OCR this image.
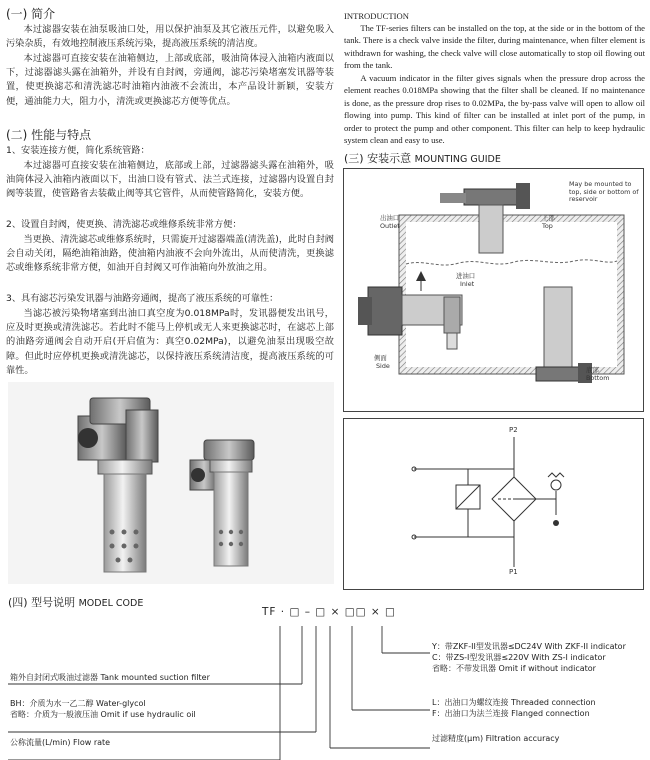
(一) 简介
本过滤器安装在油泵吸油口处，用以保护油泵及其它液压元件，以避免吸入污染杂质，有效地控制液压系统污染，提高液压系统的清洁度。
本过滤器可直接安装在油箱侧边，上部或底部，吸油筒体浸入油箱内液面以下，过滤器滤头露在油箱外，并设有自封阀，旁通阀，滤芯污染堵塞发讯器等装置，使更换滤芯和清洗滤芯时油箱内油液不会流出，本产品设计新颖，安装方便，通油能力大，阻力小，清洗或更换滤芯方便等优点。
(二) 性能与特点
1、安装连接方便，简化系统管路：
本过滤器可直接安装在油箱侧边，底部或上部，过滤器滤头露在油箱外，吸油筒体浸入油箱内液面以下，出油口设有管式、法兰式连接，过滤器内设置自封阀等装置，使管路省去装截止阀等其它管件，从而使管路简化，安装方便。
2、设置自封阀，使更换、清洗滤芯或维修系统非常方便：
当更换、清洗滤芯或维修系统时，只需旋开过滤器端盖(清洗盖)，此时自封阀会自动关闭，隔绝油箱油路，使油箱内油液不会向外流出，从而使清洗，更换滤芯或维修系统非常方便，如油开自封阀又可作油箱向外放油之用。
3、具有滤芯污染发讯器与油路旁通阀，提高了液压系统的可靠性：
当滤芯被污染物堵塞到出油口真空度为0.018MPa时，发讯器便发出讯号，应及时更换或清洗滤芯。若此时不能马上停机或无人来更换滤芯时，在滤芯上部的油路旁通阀会自动开启(开启值为：真空0.02MPa)，以避免油泵出现吸空故障。但此时应停机更换或清洗滤芯，以保持液压系统清洁度，提高液压系统的可靠性。
INTRODUCTION
The TF-series filters can be installed on the top, at the side or in the bottom of the tank. There is a check valve inside the filter, during maintenance, when filter element is withdrawn for washing, the check valve will close automatically to stop oil flowing out from the tank.
A vacuum indicator in the filter gives signals when the pressure drop across the element reaches 0.018MPa showing that the filter shall be cleaned. If no maintenance is done, as the pressure drop rises to 0.02MPa, the by-pass valve will open to allow oil flowing into pump. This kind of filter can be installed at inlet port of the pump, in order to protect the pump and other component. This filter can help to keep hydraulic system clean and easy to use.
(三) 安装示意 MOUNTING GUIDE
May be mounted to top, side or bottom of reservoir
出油口
Outlet
上部
Top
进油口
Inlet
侧面
Side	底部
Bottom
P2
P1
(四) 型号说明 MODEL CODE
TF · □ – □ × □□ × □
Y：带ZKF-II型发讯器≤DC24V With ZKF-II indicator
C：带ZS-I型发讯器≤220V With ZS-I indicator
省略：不带发讯器 Omit if without indicator
L：出油口为螺纹连接 Threaded connection
F：出油口为法兰连接 Flanged connection
过滤精度(μm) Filtration accuracy
箱外自封闭式吸油过滤器 Tank mounted suction filter
BH：介质为水一乙二醇 Water-glycol
省略：介质为一般液压油 Omit if use hydraulic oil
公称流量(L/min) Flow rate
